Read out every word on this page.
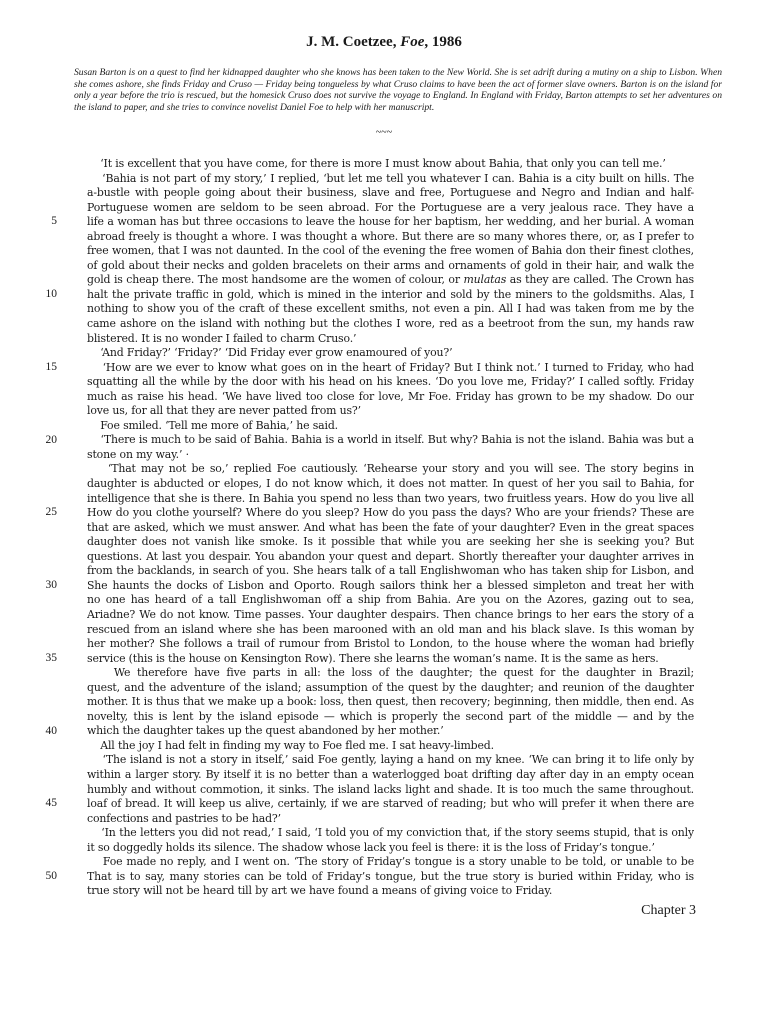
J. M. Coetzee, Foe, 1986
Susan Barton is on a quest to find her kidnapped daughter who she knows has been taken to the New World. She is set adrift during a mutiny on a ship to Lisbon. When she comes ashore, she finds Friday and Cruso — Friday being tongueless by what Cruso claims to have been the act of former slave owners. Barton is on the island for only a year before the trio is rescued, but the homesick Cruso does not survive the voyage to England. In England with Friday, Barton attempts to set her adventures on the island to paper, and she tries to convince novelist Daniel Foe to help with her manuscript.
~~~
5
10
15
20
25
30
35
40
45
50
‘It is excellent that you have come, for there is more I must know about Bahia, that only you can tell me.’
‘Bahia is not part of my story,’ I replied, ‘but let me tell you whatever I can. Bahia is a city built on hills. The
a-bustle with people going about their business, slave and free, Portuguese and Negro and Indian and half-
Portuguese women are seldom to be seen abroad. For the Portuguese are a very jealous race. They have a
life a woman has but three occasions to leave the house for her baptism, her wedding, and her burial. A woman
abroad freely is thought a whore. I was thought a whore. But there are so many whores there, or, as I prefer to
free women, that I was not daunted. In the cool of the evening the free women of Bahia don their finest clothes,
of gold about their necks and golden bracelets on their arms and ornaments of gold in their hair, and walk the
gold is cheap there. The most handsome are the women of colour, or mulatas as they are called. The Crown has
halt the private traffic in gold, which is mined in the interior and sold by the miners to the goldsmiths. Alas, I
nothing to show you of the craft of these excellent smiths, not even a pin. All I had was taken from me by the
came ashore on the island with nothing but the clothes I wore, red as a beetroot from the sun, my hands raw
blistered. It is no wonder I failed to charm Cruso.’
‘And Friday?’ ‘Friday?’ ‘Did Friday ever grow enamoured of you?’
‘How are we ever to know what goes on in the heart of Friday? But I think not.’ I turned to Friday, who had
squatting all the while by the door with his head on his knees. ‘Do you love me, Friday?’ I called softly. Friday
much as raise his head. ‘We have lived too close for love, Mr Foe. Friday has grown to be my shadow. Do our
love us, for all that they are never patted from us?’
Foe smiled. ‘Tell me more of Bahia,’ he said.
‘There is much to be said of Bahia. Bahia is a world in itself. But why? Bahia is not the island. Bahia was but a
stone on my way.’ ·
‘That may not be so,’ replied Foe cautiously. ‘Rehearse your story and you will see. The story begins in
daughter is abducted or elopes, I do not know which, it does not matter. In quest of her you sail to Bahia, for
intelligence that she is there. In Bahia you spend no less than two years, two fruitless years. How do you live all
How do you clothe yourself? Where do you sleep? How do you pass the days? Who are your friends? These are
that are asked, which we must answer. And what has been the fate of your daughter? Even in the great spaces
daughter does not vanish like smoke. Is it possible that while you are seeking her she is seeking you? But
questions. At last you despair. You abandon your quest and depart. Shortly thereafter your daughter arrives in
from the backlands, in search of you. She hears talk of a tall Englishwoman who has taken ship for Lisbon, and
She haunts the docks of Lisbon and Oporto. Rough sailors think her a blessed simpleton and treat her with
no one has heard of a tall Englishwoman off a ship from Bahia. Are you on the Azores, gazing out to sea,
Ariadne? We do not know. Time passes. Your daughter despairs. Then chance brings to her ears the story of a
rescued from an island where she has been marooned with an old man and his black slave. Is this woman by
her mother? She follows a trail of rumour from Bristol to London, to the house where the woman had briefly
service (this is the house on Kensington Row). There she learns the woman’s name. It is the same as hers.
We therefore have five parts in all: the loss of the daughter; the quest for the daughter in Brazil;
quest, and the adventure of the island; assumption of the quest by the daughter; and reunion of the daughter
mother. It is thus that we make up a book: loss, then quest, then recovery; beginning, then middle, then end. As
novelty, this is lent by the island episode — which is properly the second part of the middle — and by the
which the daughter takes up the quest abandoned by her mother.’
All the joy I had felt in finding my way to Foe fled me. I sat heavy-limbed.
‘The island is not a story in itself,’ said Foe gently, laying a hand on my knee. ‘We can bring it to life only by
within a larger story. By itself it is no better than a waterlogged boat drifting day after day in an empty ocean
humbly and without commotion, it sinks. The island lacks light and shade. It is too much the same throughout.
loaf of bread. It will keep us alive, certainly, if we are starved of reading; but who will prefer it when there are
confections and pastries to be had?’
‘In the letters you did not read,’ I said, ‘I told you of my conviction that, if the story seems stupid, that is only
it so doggedly holds its silence. The shadow whose lack you feel is there: it is the loss of Friday’s tongue.’
Foe made no reply, and I went on. ‘The story of Friday’s tongue is a story unable to be told, or unable to be
That is to say, many stories can be told of Friday’s tongue, but the true story is buried within Friday, who is
true story will not be heard till by art we have found a means of giving voice to Friday.
Chapter 3
